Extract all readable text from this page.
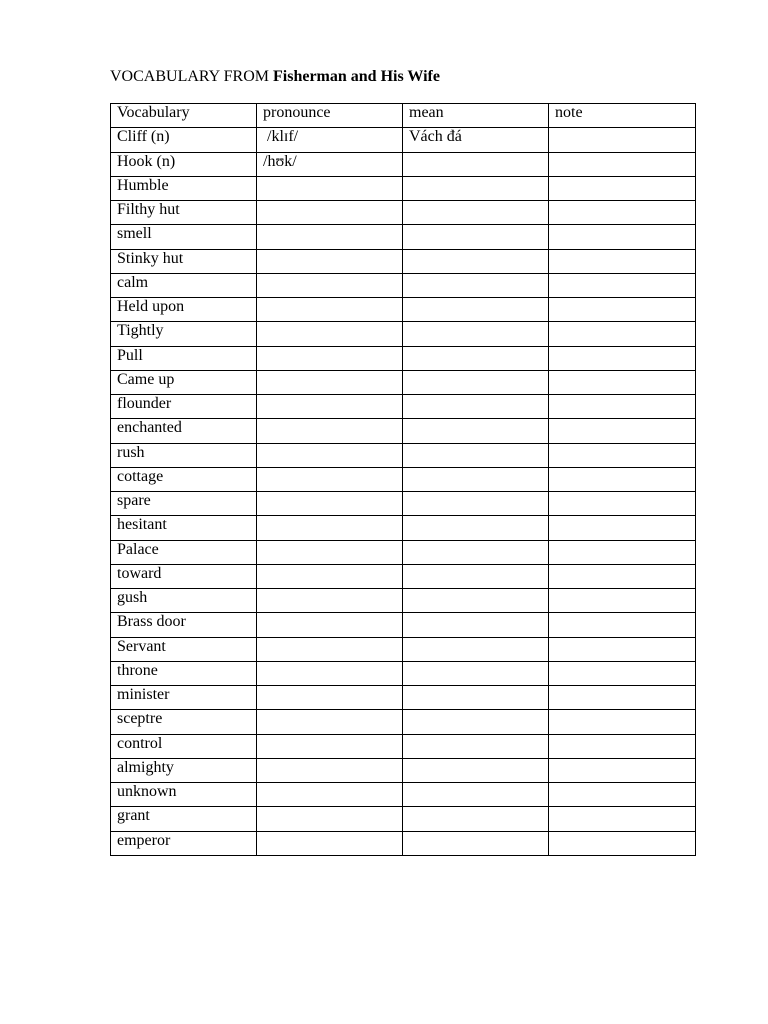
VOCABULARY FROM Fisherman and His Wife
Vocabulary	pronounce	mean	note
Cliff (n)	/klɪf/	Vách đá	
Hook (n)	/hʊk/		
Humble			
Filthy hut			
smell			
Stinky hut			
calm			
Held upon			
Tightly			
Pull			
Came up			
flounder			
enchanted			
rush			
cottage			
spare			
hesitant			
Palace			
toward			
gush			
Brass door			
Servant			
throne			
minister			
sceptre			
control			
almighty			
unknown			
grant			
emperor			
